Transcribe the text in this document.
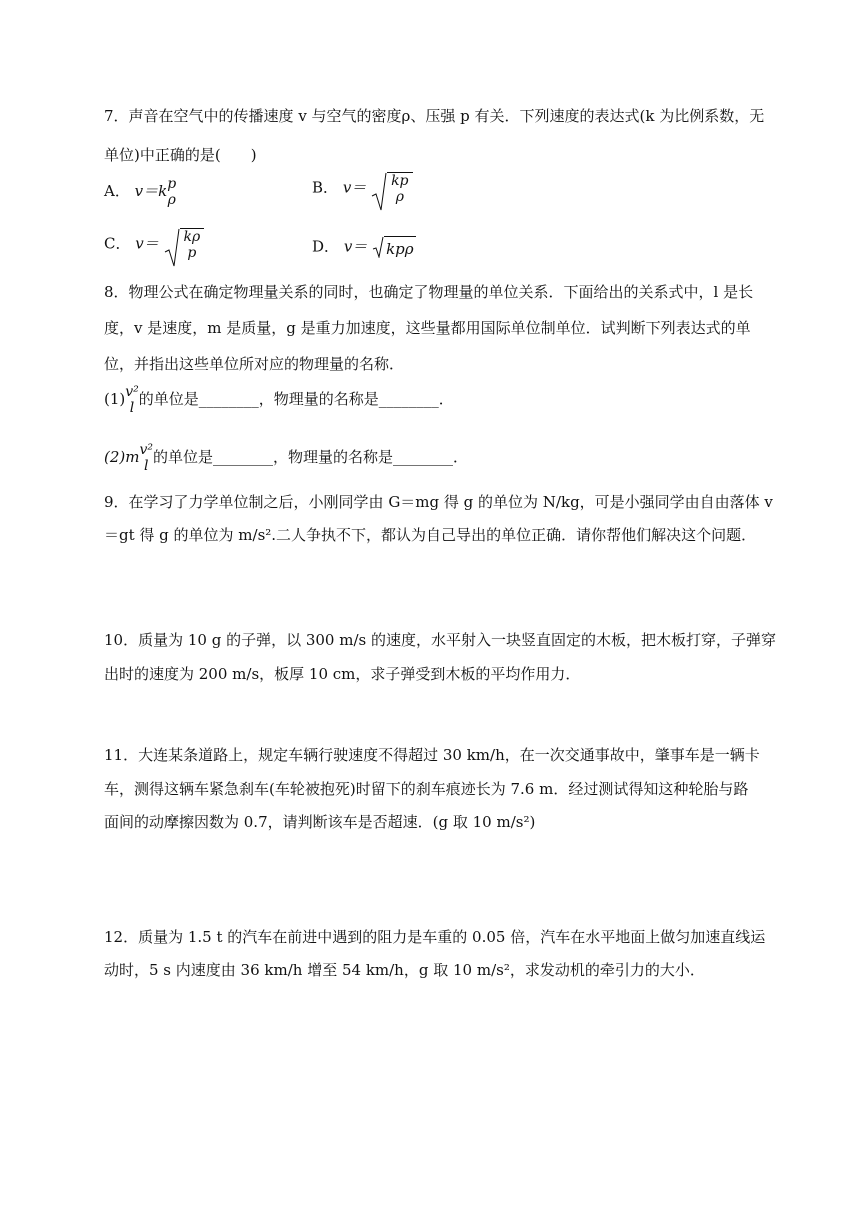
7．声音在空气中的传播速度 v 与空气的密度ρ、压强 p 有关．下列速度的表达式(k 为比例系数，无
单位)中正确的是(　　)
A． v＝k p
ρ
B． v＝ kp
ρ
C． v＝ kρ
p	D． v＝ kpρ
8．物理公式在确定物理量关系的同时，也确定了物理量的单位关系．下面给出的关系式中，l 是长
度，v 是速度，m 是质量，g 是重力加速度，这些量都用国际单位制单位．试判断下列表达式的单
位，并指出这些单位所对应的物理量的名称．
(1) v²
l 的单位是________，物理量的名称是________．
(2)m v²
l 的单位是________，物理量的名称是________．
9．在学习了力学单位制之后，小刚同学由 G＝mg 得 g 的单位为 N/kg，可是小强同学由自由落体 v
＝gt 得 g 的单位为 m/s².二人争执不下，都认为自己导出的单位正确．请你帮他们解决这个问题．
10．质量为 10 g 的子弹，以 300 m/s 的速度，水平射入一块竖直固定的木板，把木板打穿，子弹穿
出时的速度为 200 m/s，板厚 10 cm，求子弹受到木板的平均作用力．
11．大连某条道路上，规定车辆行驶速度不得超过 30 km/h，在一次交通事故中，肇事车是一辆卡
车，测得这辆车紧急刹车(车轮被抱死)时留下的刹车痕迹长为 7.6 m．经过测试得知这种轮胎与路
面间的动摩擦因数为 0.7，请判断该车是否超速．(g 取 10 m/s²)
12．质量为 1.5 t 的汽车在前进中遇到的阻力是车重的 0.05 倍，汽车在水平地面上做匀加速直线运
动时，5 s 内速度由 36 km/h 增至 54 km/h，g 取 10 m/s²，求发动机的牵引力的大小．
